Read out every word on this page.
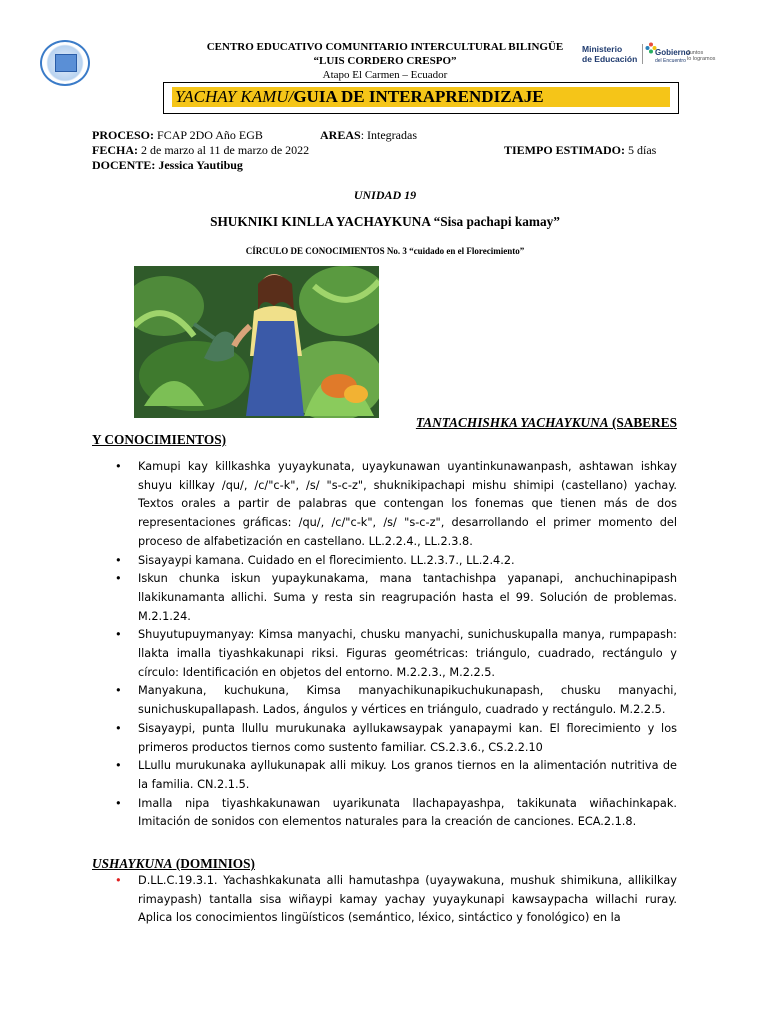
CENTRO EDUCATIVO COMUNITARIO INTERCULTURAL BILINGÜE
“LUIS CORDERO CRESPO”
Atapo El Carmen – Ecuador
Ministerio
de Educación
Gobierno
del Encuentro
Juntos
lo logramos
YACHAY KAMU/GUIA DE INTERAPRENDIZAJE
PROCESO: FCAP 2DO Año EGB	AREAS: Integradas
FECHA: 2 de marzo al 11 de marzo de 2022	TIEMPO ESTIMADO: 5 días
DOCENTE: Jessica Yautibug
UNIDAD 19
SHUKNIKI KINLLA YACHAYKUNA “Sisa pachapi kamay”
CÍRCULO DE CONOCIMIENTOS No. 3 “cuidado en el Florecimiento”
TANTACHISHKA YACHAYKUNA (SABERES
Y CONOCIMIENTOS)
• Kamupi kay killkashka yuyaykunata, uyaykunawan uyantinkunawanpash, ashtawan ishkay shuyu killkay /qu/, /c/"c-k", /s/ "s-c-z", shuknikipachapi mishu shimipi (castellano) yachay. Textos orales a partir de palabras que contengan los fonemas que tienen más de dos representaciones gráficas: /qu/, /c/"c-k", /s/ "s-c-z", desarrollando el primer momento del proceso de alfabetización en castellano. LL.2.2.4., LL.2.3.8.
• Sisayaypi kamana. Cuidado en el florecimiento. LL.2.3.7., LL.2.4.2.
• Iskun chunka iskun yupaykunakama, mana tantachishpa yapanapi, anchuchinapipash llakikunamanta allichi. Suma y resta sin reagrupación hasta el 99. Solución de problemas. M.2.1.24.
• Shuyutupuymanyay: Kimsa manyachi, chusku manyachi, sunichuskupalla manya, rumpapash: llakta imalla tiyashkakunapi riksi. Figuras geométricas: triángulo, cuadrado, rectángulo y círculo: Identificación en objetos del entorno. M.2.2.3., M.2.2.5.
• Manyakuna, kuchukuna, Kimsa manyachikunapikuchukunapash, chusku manyachi, sunichuskupallapash. Lados, ángulos y vértices en triángulo, cuadrado y rectángulo. M.2.2.5.
• Sisayaypi, punta llullu murukunaka ayllukawsaypak yanapaymi kan. El florecimiento y los primeros productos tiernos como sustento familiar. CS.2.3.6., CS.2.2.10
• LLullu murukunaka ayllukunapak alli mikuy. Los granos tiernos en la alimentación nutritiva de la familia. CN.2.1.5.
• Imalla nipa tiyashkakunawan uyarikunata llachapayashpa, takikunata wiñachinkapak. Imitación de sonidos con elementos naturales para la creación de canciones. ECA.2.1.8.
USHAYKUNA (DOMINIOS)
• D.LL.C.19.3.1. Yachashkakunata alli hamutashpa (uyaywakuna, mushuk shimikuna, allikilkay rimaypash) tantalla sisa wiñaypi kamay yachay yuyaykunapi kawsaypacha willachi ruray. Aplica los conocimientos lingüísticos (semántico, léxico, sintáctico y fonológico) en la
